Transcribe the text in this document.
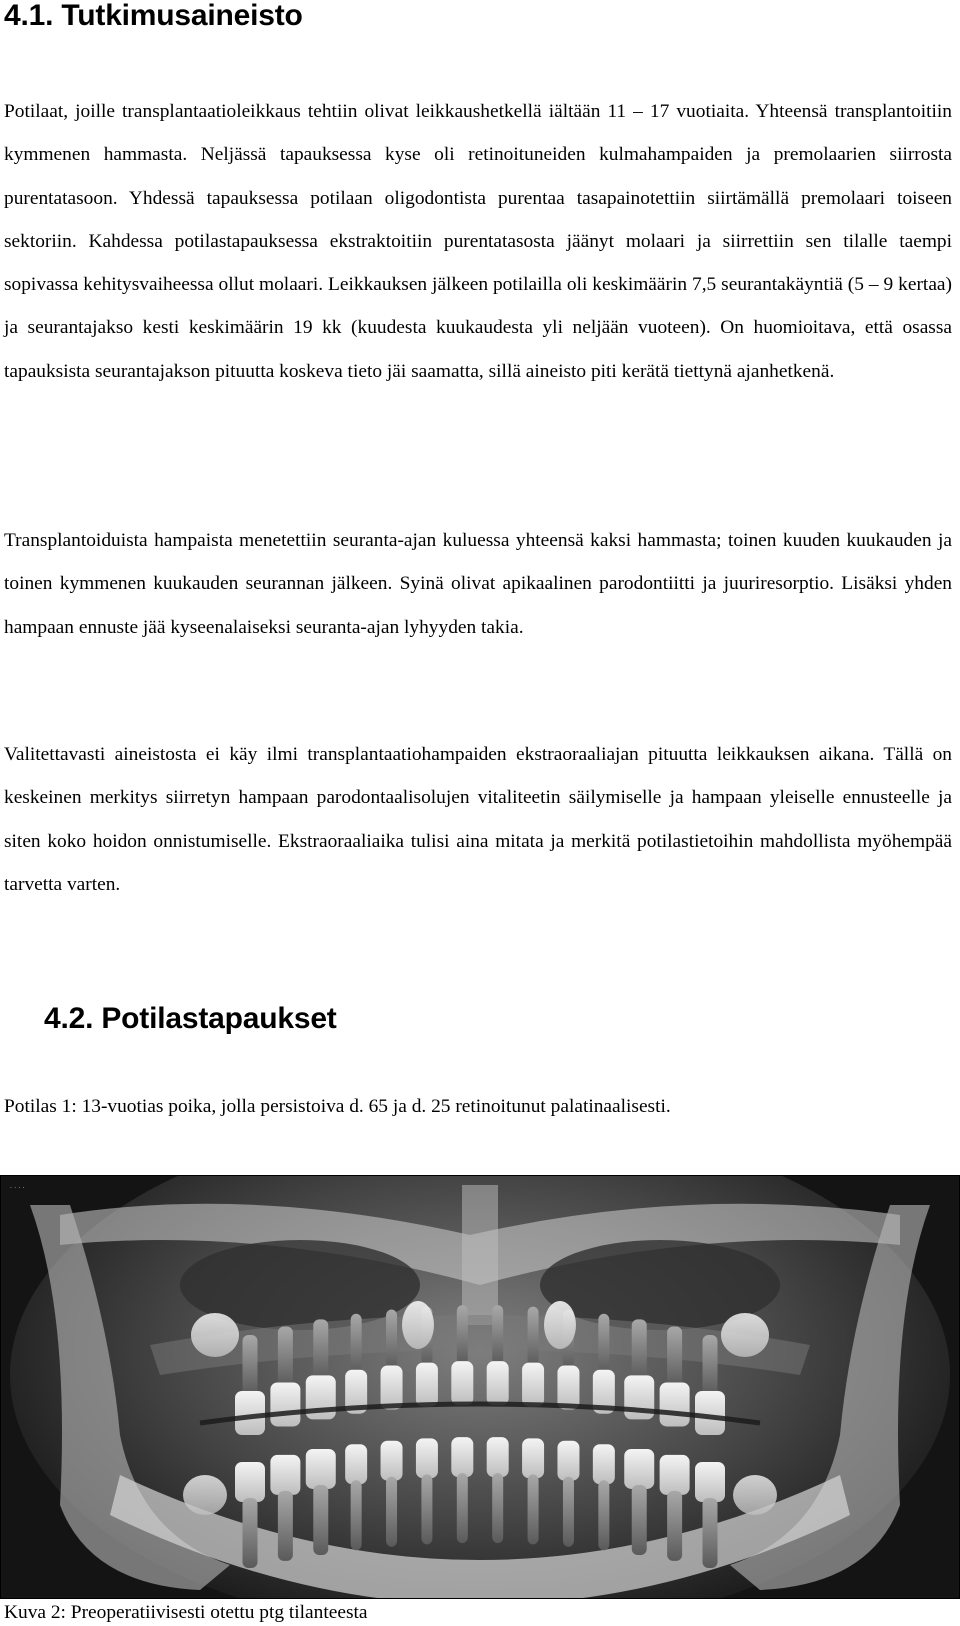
4.1. Tutkimusaineisto

Potilaat, joille transplantaatioleikkaus tehtiin olivat leikkaushetkellä iältään 11 – 17 vuotiaita. Yhteensä transplantoitiin kymmenen hammasta. Neljässä tapauksessa kyse oli retinoituneiden kulmahampaiden ja premolaarien siirrosta purentatasoon. Yhdessä tapauksessa potilaan oligodontista purentaa tasapainotettiin siirtämällä premolaari toiseen sektoriin. Kahdessa potilastapauksessa ekstraktoitiin purentatasosta jäänyt molaari ja siirrettiin sen tilalle taempi sopivassa kehitysvaiheessa ollut molaari. Leikkauksen jälkeen potilailla oli keskimäärin 7,5 seurantakäyntiä (5 – 9 kertaa) ja seurantajakso kesti keskimäärin 19 kk (kuudesta kuukaudesta yli neljään vuoteen). On huomioitava, että osassa tapauksista seurantajakson pituutta koskeva tieto jäi saamatta, sillä aineisto piti kerätä tiettynä ajanhetkenä.

Transplantoiduista hampaista menetettiin seuranta-ajan kuluessa yhteensä kaksi hammasta; toinen kuuden kuukauden ja toinen kymmenen kuukauden seurannan jälkeen. Syinä olivat apikaalinen parodontiitti ja juuriresorptio. Lisäksi yhden hampaan ennuste jää kyseenalaiseksi seuranta-ajan lyhyyden takia.

Valitettavasti aineistosta ei käy ilmi transplantaatiohampaiden ekstraoraaliajan pituutta leikkauksen aikana. Tällä on keskeinen merkitys siirretyn hampaan parodontaalisolujen vitaliteetin säilymiselle ja hampaan yleiselle ennusteelle ja siten koko hoidon onnistumiselle. Ekstraoraaliaika tulisi aina mitata ja merkitä potilastietoihin mahdollista myöhempää tarvetta varten.

4.2. Potilastapaukset
Potilas 1: 13-vuotias poika, jolla persistoiva d. 65 ja d. 25 retinoitunut palatinaalisesti.
Kuva 2: Preoperatiivisesti otettu ptg tilanteesta
· · · ·
